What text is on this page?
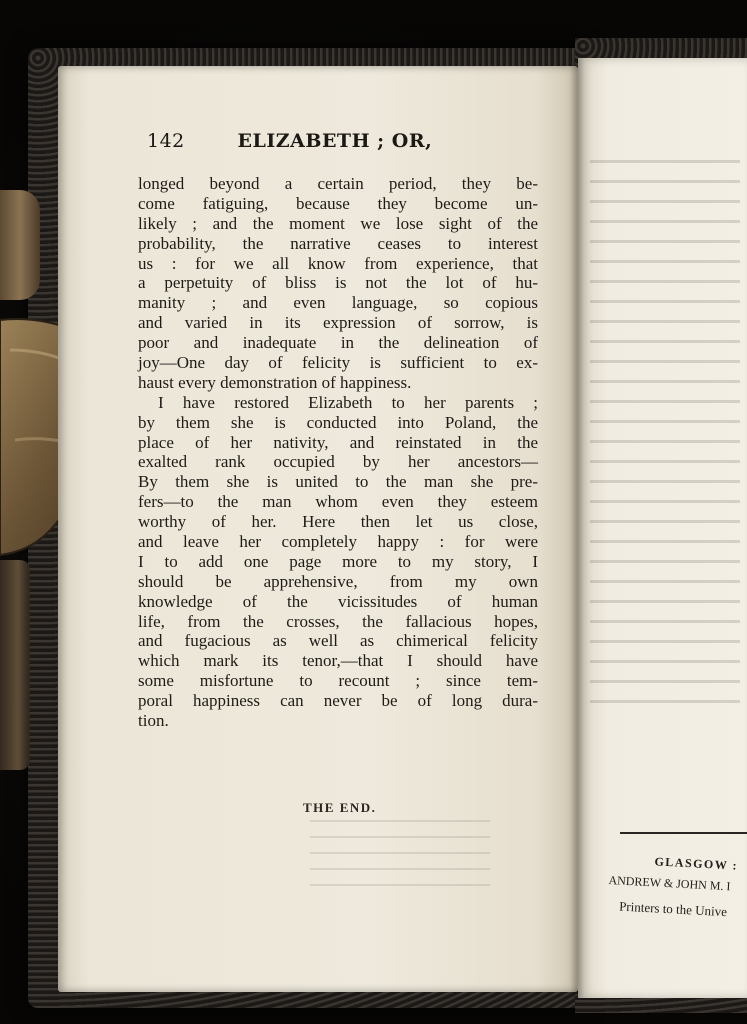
142	ELIZABETH ; OR,
longed beyond a certain period, they be-
come fatiguing, because they become un-
likely ; and the moment we lose sight of the
probability, the narrative ceases to interest
us : for we all know from experience, that
a perpetuity of bliss is not the lot of hu-
manity ; and even language, so copious
and varied in its expression of sorrow, is
poor and inadequate in the delineation of
joy—One day of felicity is sufficient to ex-
haust every demonstration of happiness.
I have restored Elizabeth to her parents ;
by them she is conducted into Poland, the
place of her nativity, and reinstated in the
exalted rank occupied by her ancestors—
By them she is united to the man she pre-
fers—to the man whom even they esteem
worthy of her. Here then let us close,
and leave her completely happy : for were
I to add one page more to my story, I
should be apprehensive, from my own
knowledge of the vicissitudes of human
life, from the crosses, the fallacious hopes,
and fugacious as well as chimerical felicity
which mark its tenor,—that I should have
some misfortune to recount ; since tem-
poral happiness can never be of long dura-
tion.
THE END.
GLASGOW :
ANDREW & JOHN M. I
Printers to the Unive
